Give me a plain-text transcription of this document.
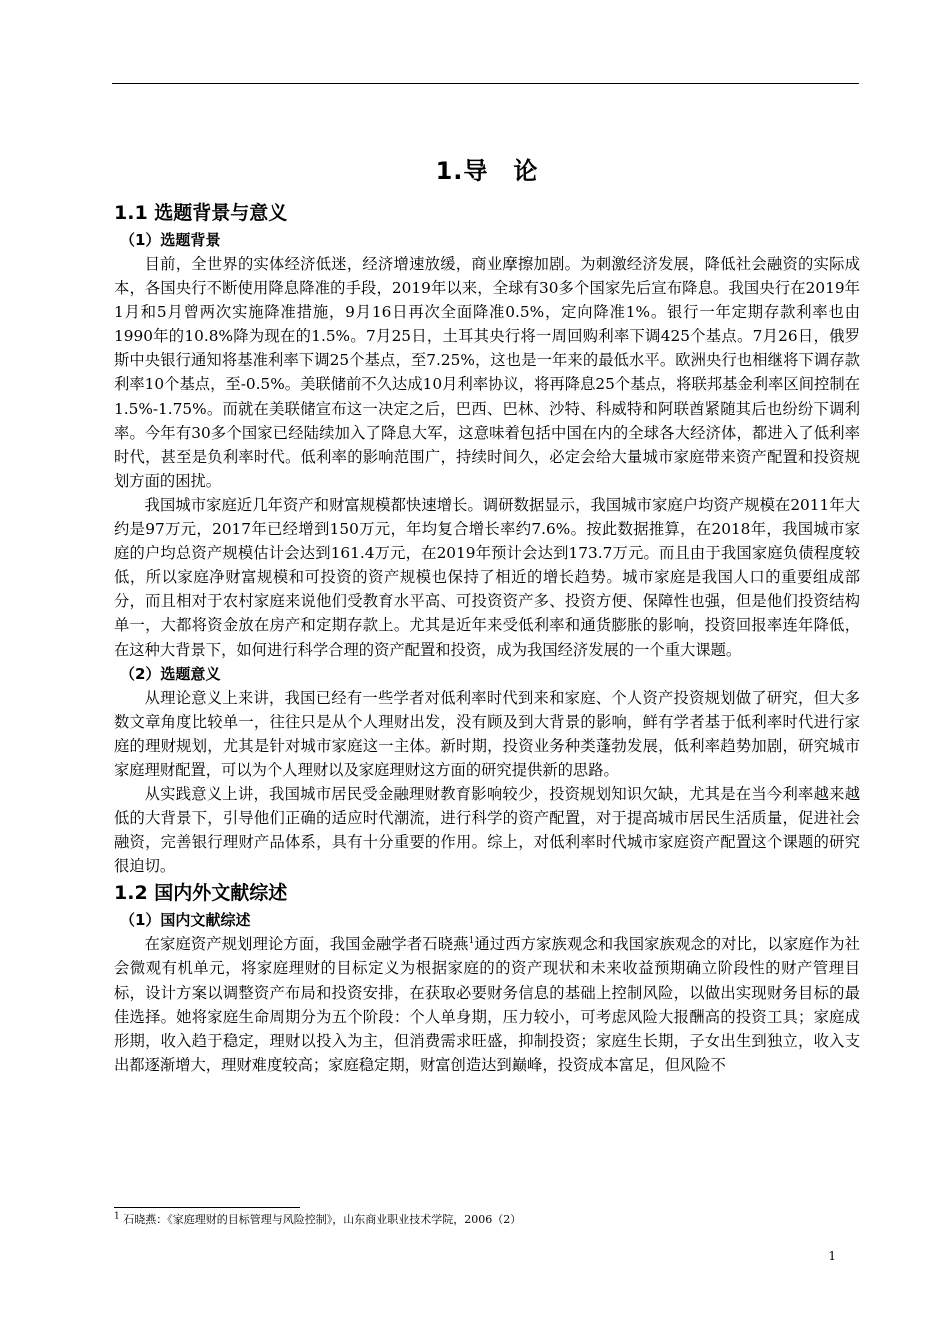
1.导　论
1.1 选题背景与意义
（1）选题背景

目前，全世界的实体经济低迷，经济增速放缓，商业摩擦加剧。为刺激经济发展，降低社会融资的实际成本，各国央行不断使用降息降准的手段，2019年以来，全球有30多个国家先后宣布降息。我国央行在2019年1月和5月曾两次实施降准措施，9月16日再次全面降准0.5%，定向降准1%。银行一年定期存款利率也由1990年的10.8%降为现在的1.5%。7月25日，土耳其央行将一周回购利率下调425个基点。7月26日，俄罗斯中央银行通知将基准利率下调25个基点，至7.25%，这也是一年来的最低水平。欧洲央行也相继将下调存款利率10个基点，至-0.5%。美联储前不久达成10月利率协议，将再降息25个基点，将联邦基金利率区间控制在1.5%-1.75%。而就在美联储宣布这一决定之后，巴西、巴林、沙特、科威特和阿联酋紧随其后也纷纷下调利率。今年有30多个国家已经陆续加入了降息大军，这意味着包括中国在内的全球各大经济体，都进入了低利率时代，甚至是负利率时代。低利率的影响范围广，持续时间久，必定会给大量城市家庭带来资产配置和投资规划方面的困扰。

我国城市家庭近几年资产和财富规模都快速增长。调研数据显示，我国城市家庭户均资产规模在2011年大约是97万元，2017年已经增到150万元，年均复合增长率约7.6%。按此数据推算，在2018年，我国城市家庭的户均总资产规模估计会达到161.4万元，在2019年预计会达到173.7万元。而且由于我国家庭负债程度较低，所以家庭净财富规模和可投资的资产规模也保持了相近的增长趋势。城市家庭是我国人口的重要组成部分，而且相对于农村家庭来说他们受教育水平高、可投资资产多、投资方便、保障性也强，但是他们投资结构单一，大都将资金放在房产和定期存款上。尤其是近年来受低利率和通货膨胀的影响，投资回报率连年降低，在这种大背景下，如何进行科学合理的资产配置和投资，成为我国经济发展的一个重大课题。

（2）选题意义

从理论意义上来讲，我国已经有一些学者对低利率时代到来和家庭、个人资产投资规划做了研究，但大多数文章角度比较单一，往往只是从个人理财出发，没有顾及到大背景的影响，鲜有学者基于低利率时代进行家庭的理财规划，尤其是针对城市家庭这一主体。新时期，投资业务种类蓬勃发展，低利率趋势加剧，研究城市家庭理财配置，可以为个人理财以及家庭理财这方面的研究提供新的思路。

从实践意义上讲，我国城市居民受金融理财教育影响较少，投资规划知识欠缺，尤其是在当今利率越来越低的大背景下，引导他们正确的适应时代潮流，进行科学的资产配置，对于提高城市居民生活质量，促进社会融资，完善银行理财产品体系，具有十分重要的作用。综上，对低利率时代城市家庭资产配置这个课题的研究很迫切。

1.2 国内外文献综述
（1）国内文献综述

在家庭资产规划理论方面，我国金融学者石晓燕$^1$通过西方家族观念和我国家族观念的对比，以家庭作为社会微观有机单元，将家庭理财的目标定义为根据家庭的的资产现状和未来收益预期确立阶段性的财产管理目标，设计方案以调整资产布局和投资安排，在获取必要财务信息的基础上控制风险，以做出实现财务目标的最佳选择。她将家庭生命周期分为五个阶段：个人单身期，压力较小，可考虑风险大报酬高的投资工具；家庭成形期，收入趋于稳定，理财以投入为主，但消费需求旺盛，抑制投资；家庭生长期，子女出生到独立，收入支出都逐渐增大，理财难度较高；家庭稳定期，财富创造达到巅峰，投资成本富足，但风险不

$^1$ 石晓燕：《家庭理财的目标管理与风险控制》，山东商业职业技术学院，2006（2）
1
